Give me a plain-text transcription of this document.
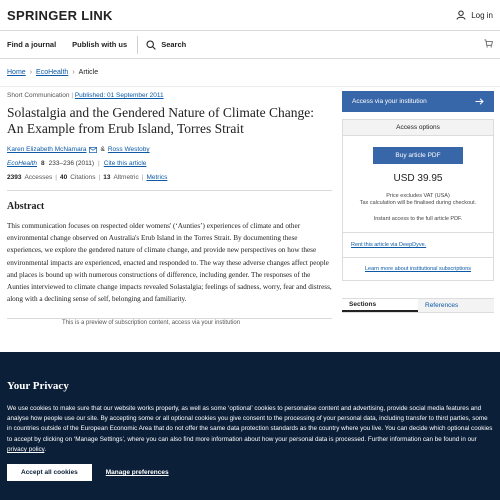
SPRINGER LINK	Log in
Find a journal Publish with us	Search
Home › EcoHealth › Article
Short Communication | Published: 01 September 2011
Solastalgia and the Gendered Nature of Climate Change: An Example from Erub Island, Torres Strait
Karen Elizabeth McNamara & Ross Westoby
EcoHealth 8 233–236 (2011) | Cite this article
2393 Accesses | 40 Citations | 13 Altmetric | Metrics
Abstract

This communication focuses on respected older womens' (‘Aunties’) experiences of climate and other environmental change observed on Australia's Erub Island in the Torres Strait. By documenting these experiences, we explore the gendered nature of climate change, and provide new perspectives on how these environmental impacts are experienced, enacted and responded to. The way these adverse changes affect people and places is bound up with numerous constructions of difference, including gender. The responses of the Aunties interviewed to climate change impacts revealed Solastalgia; feelings of sadness, worry, fear and distress, along with a declining sense of self, belonging and familiarity.

This is a preview of subscription content, access via your institution
Access via your institution
Access options
Buy article PDF
USD 39.95
Price excludes VAT (USA)
Tax calculation will be finalised during checkout.
Instant access to the full article PDF.
Rent this article via DeepDyve.
Learn more about institutional subscriptions
Sections	References
Your Privacy

We use cookies to make sure that our website works properly, as well as some ‘optional’ cookies to personalise content and advertising, provide social media features and analyse how people use our site. By accepting some or all optional cookies you give consent to the processing of your personal data, including transfer to third parties, some in countries outside of the European Economic Area that do not offer the same data protection standards as the country where you live. You can decide which optional cookies to accept by clicking on ‘Manage Settings’, where you can also find more information about how your personal data is processed. Further information can be found in our privacy policy.

Accept all cookies	Manage preferences
